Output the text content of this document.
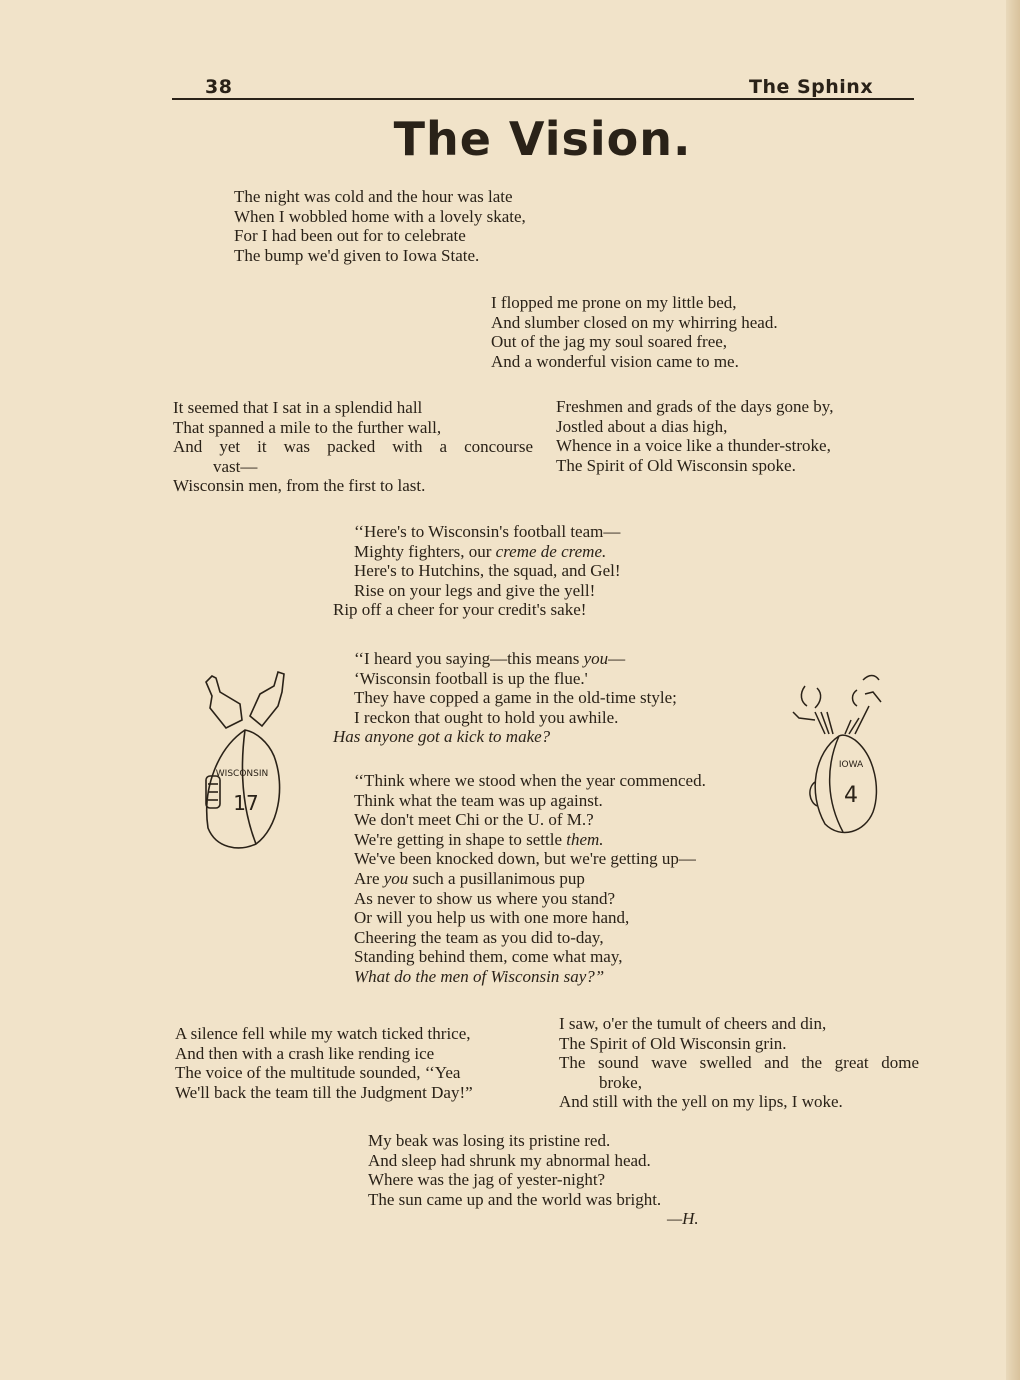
38	The Sphinx
The Vision.
The night was cold and the hour was late
When I wobbled home with a lovely skate,
For I had been out for to celebrate
The bump we'd given to Iowa State.
I flopped me prone on my little bed,
And slumber closed on my whirring head.
Out of the jag my soul soared free,
And a wonderful vision came to me.
It seemed that I sat in a splendid hall
That spanned a mile to the further wall,
And yet it was packed with a concourse
vast—
Wisconsin men, from the first to last.
Freshmen and grads of the days gone by,
Jostled about a dias high,
Whence in a voice like a thunder-stroke,
The Spirit of Old Wisconsin spoke.
‘‘Here's to Wisconsin's football team—
Mighty fighters, our creme de creme.
Here's to Hutchins, the squad, and Gel!
Rise on your legs and give the yell!
Rip off a cheer for your credit's sake!
‘‘I heard you saying—this means you—
‘Wisconsin football is up the flue.'
They have copped a game in the old-time style;
I reckon that ought to hold you awhile.
Has anyone got a kick to make?
‘‘Think where we stood when the year commenced.
Think what the team was up against.
We don't meet Chi or the U. of M.?
We're getting in shape to settle them.
We've been knocked down, but we're getting up—
Are you such a pusillanimous pup
As never to show us where you stand?
Or will you help us with one more hand,
Cheering the team as you did to-day,
Standing behind them, come what may,
What do the men of Wisconsin say?”
A silence fell while my watch ticked thrice,
And then with a crash like rending ice
The voice of the multitude sounded, ‘‘Yea
We'll back the team till the Judgment Day!”
I saw, o'er the tumult of cheers and din,
The Spirit of Old Wisconsin grin.
The sound wave swelled and the great dome
broke,
And still with the yell on my lips, I woke.
My beak was losing its pristine red.
And sleep had shrunk my abnormal head.
Where was the jag of yester-night?
The sun came up and the world was bright.
—H.
WISCONSIN
17
IOWA
4
